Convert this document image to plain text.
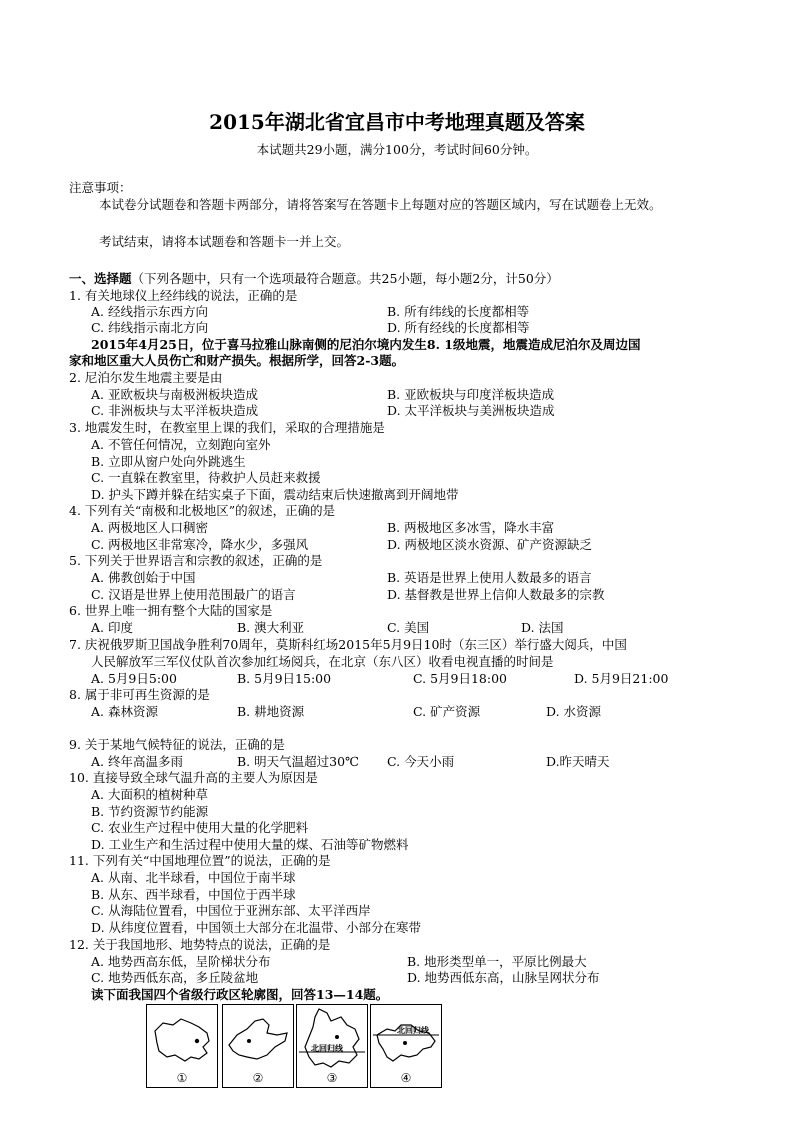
2015年湖北省宜昌市中考地理真题及答案
本试题共29小题，满分100分，考试时间60分钟。
注意事项：
本试卷分试题卷和答题卡两部分，请将答案写在答题卡上每题对应的答题区域内，写在试题卷上无效。
考试结束，请将本试题卷和答题卡一并上交。
一、选择题（下列各题中，只有一个选项最符合题意。共25小题，每小题2分，计50分）
1. 有关地球仪上经纬线的说法，正确的是
A. 经线指示东西方向	B. 所有纬线的长度都相等
C. 纬线指示南北方向	D. 所有经线的长度都相等
2015年4月25日，位于喜马拉雅山脉南侧的尼泊尔境内发生8. 1级地震，地震造成尼泊尔及周边国
家和地区重大人员伤亡和财产损失。根据所学，回答2-3题。
2. 尼泊尔发生地震主要是由
A. 亚欧板块与南极洲板块造成	B. 亚欧板块与印度洋板块造成
C. 非洲板块与太平洋板块造成	D. 太平洋板块与美洲板块造成
3. 地震发生时，在教室里上课的我们，采取的合理措施是
A. 不管任何情况，立刻跑向室外
B. 立即从窗户处向外跳逃生
C. 一直躲在教室里，待救护人员赶来救援
D. 护头下蹲并躲在结实桌子下面，震动结束后快速撤离到开阔地带
4. 下列有关“南极和北极地区”的叙述，正确的是
A. 两极地区人口稠密	B. 两极地区多冰雪，降水丰富
C. 两极地区非常寒冷，降水少，多强风	D. 两极地区淡水资源、矿产资源缺乏
5. 下列关于世界语言和宗教的叙述，正确的是
A. 佛教创始于中国	B. 英语是世界上使用人数最多的语言
C. 汉语是世界上使用范围最广的语言	D. 基督教是世界上信仰人数最多的宗教
6. 世界上唯一拥有整个大陆的国家是
A. 印度	B. 澳大利亚	C. 美国	D. 法国
7. 庆祝俄罗斯卫国战争胜利70周年，莫斯科红场2015年5月9日10时（东三区）举行盛大阅兵，中国
人民解放军三军仪仗队首次参加红场阅兵，在北京（东八区）收看电视直播的时间是
A. 5月9日5:00	B. 5月9日15:00	C. 5月9日18:00	D. 5月9日21:00
8. 属于非可再生资源的是
A. 森林资源	B. 耕地资源	C. 矿产资源	D. 水资源
9. 关于某地气候特征的说法，正确的是
A. 终年高温多雨	B. 明天气温超过30℃ C. 今天小雨	D.昨天晴天
10. 直接导致全球气温升高的主要人为原因是
A. 大面积的植树种草
B. 节约资源节约能源
C. 农业生产过程中使用大量的化学肥料
D. 工业生产和生活过程中使用大量的煤、石油等矿物燃料
11. 下列有关“中国地理位置”的说法，正确的是
A. 从南、北半球看，中国位于南半球
B. 从东、西半球看，中国位于西半球
C. 从海陆位置看，中国位于亚洲东部、太平洋西岸
D. 从纬度位置看，中国领土大部分在北温带、小部分在寒带
12. 关于我国地形、地势特点的说法，正确的是
A. 地势西高东低，呈阶梯状分布	B. 地形类型单一，平原比例最大
C. 地势西低东高，多丘陵盆地	D. 地势西低东高，山脉呈网状分布
读下面我国四个省级行政区轮廓图，回答13—14题。
①	②
北回归线
③
北回归线
④
